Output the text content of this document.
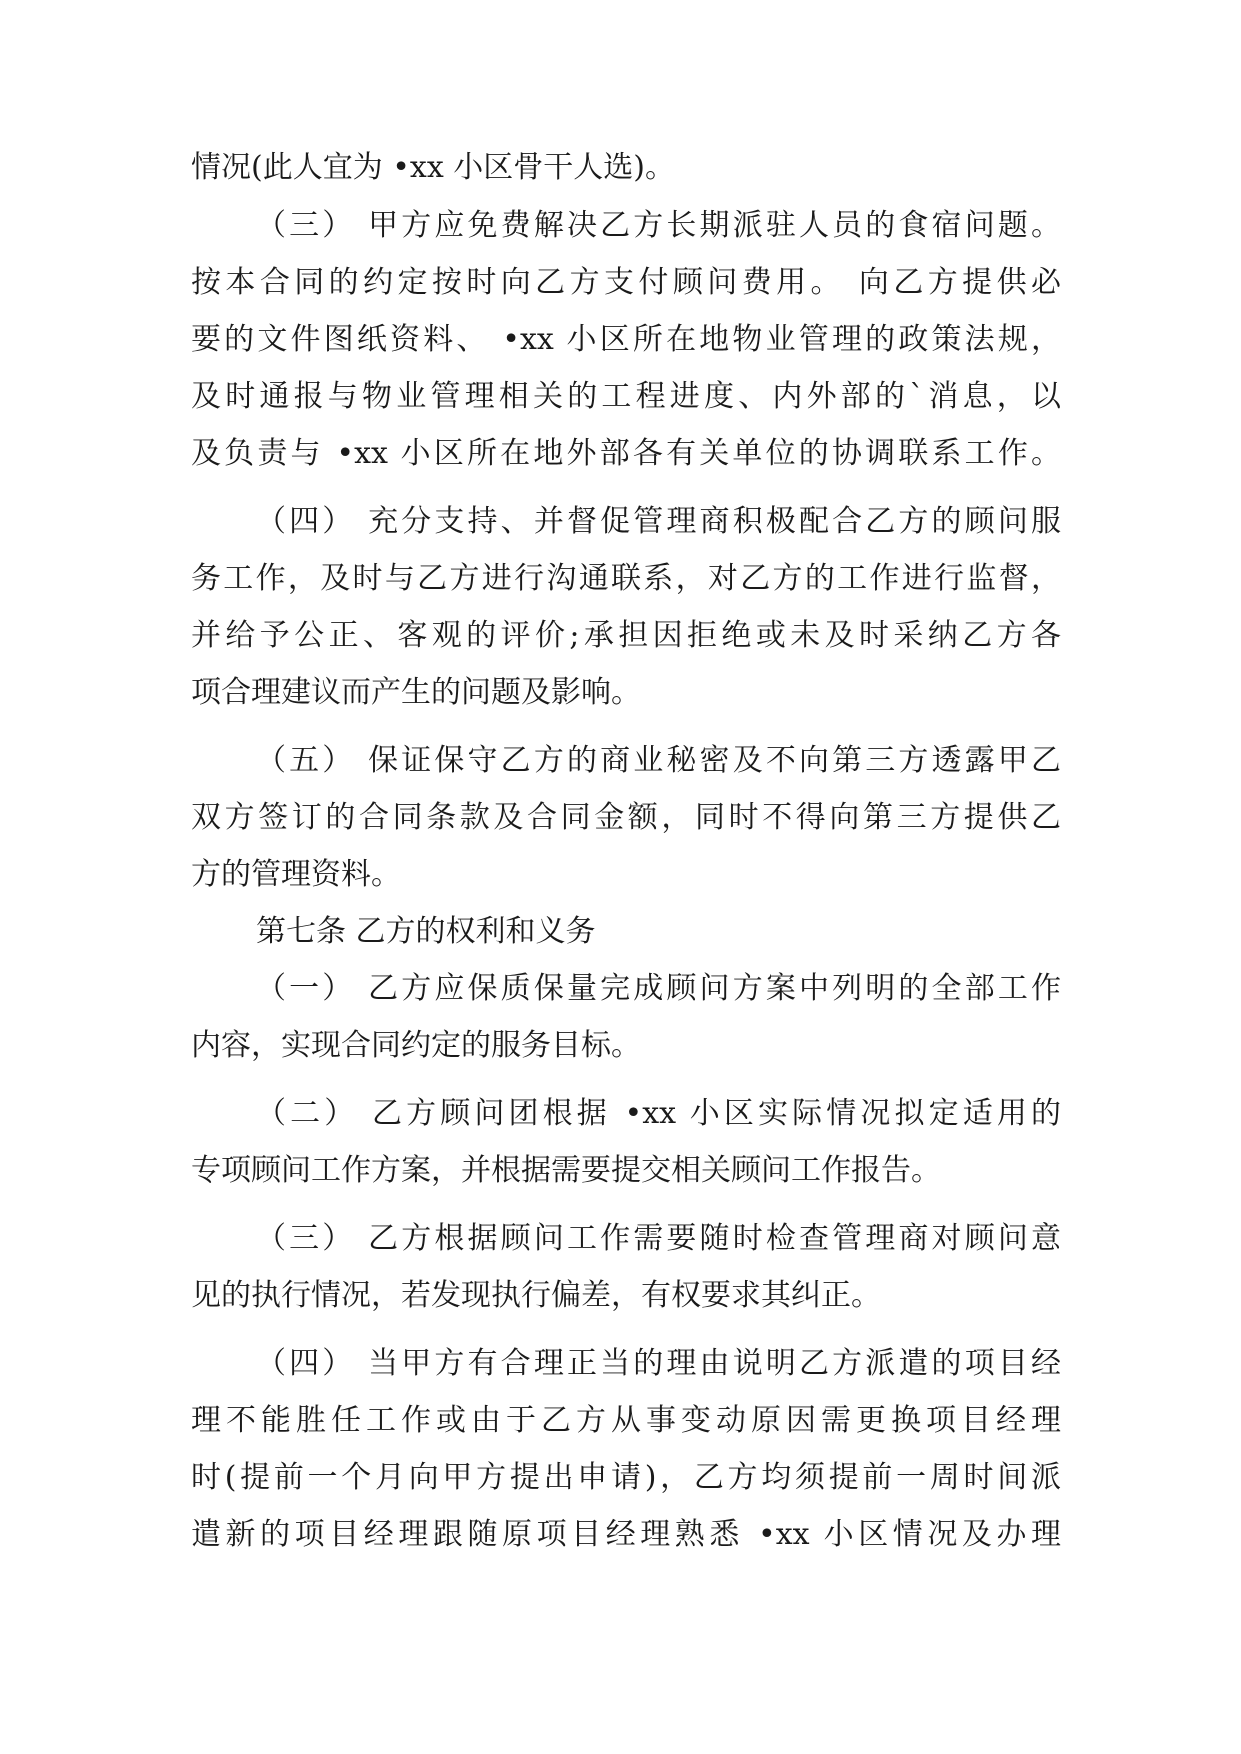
情况(此人宜为 •xx 小区骨干人选)。
（三） 甲方应免费解决乙方长期派驻人员的食宿问题。
按本合同的约定按时向乙方支付顾问费用。 向乙方提供必
要的文件图纸资料、 •xx 小区所在地物业管理的政策法规，
及时通报与物业管理相关的工程进度、内外部的`消息，以
及负责与 •xx 小区所在地外部各有关单位的协调联系工作。
（四） 充分支持、并督促管理商积极配合乙方的顾问服
务工作，及时与乙方进行沟通联系，对乙方的工作进行监督，
并给予公正、客观的评价;承担因拒绝或未及时采纳乙方各
项合理建议而产生的问题及影响。
（五） 保证保守乙方的商业秘密及不向第三方透露甲乙
双方签订的合同条款及合同金额，同时不得向第三方提供乙
方的管理资料。
第七条 乙方的权利和义务
（一） 乙方应保质保量完成顾问方案中列明的全部工作
内容，实现合同约定的服务目标。
（二） 乙方顾问团根据 •xx 小区实际情况拟定适用的
专项顾问工作方案，并根据需要提交相关顾问工作报告。
（三） 乙方根据顾问工作需要随时检查管理商对顾问意
见的执行情况，若发现执行偏差，有权要求其纠正。
（四） 当甲方有合理正当的理由说明乙方派遣的项目经
理不能胜任工作或由于乙方从事变动原因需更换项目经理
时(提前一个月向甲方提出申请)，乙方均须提前一周时间派
遣新的项目经理跟随原项目经理熟悉 •xx 小区情况及办理
